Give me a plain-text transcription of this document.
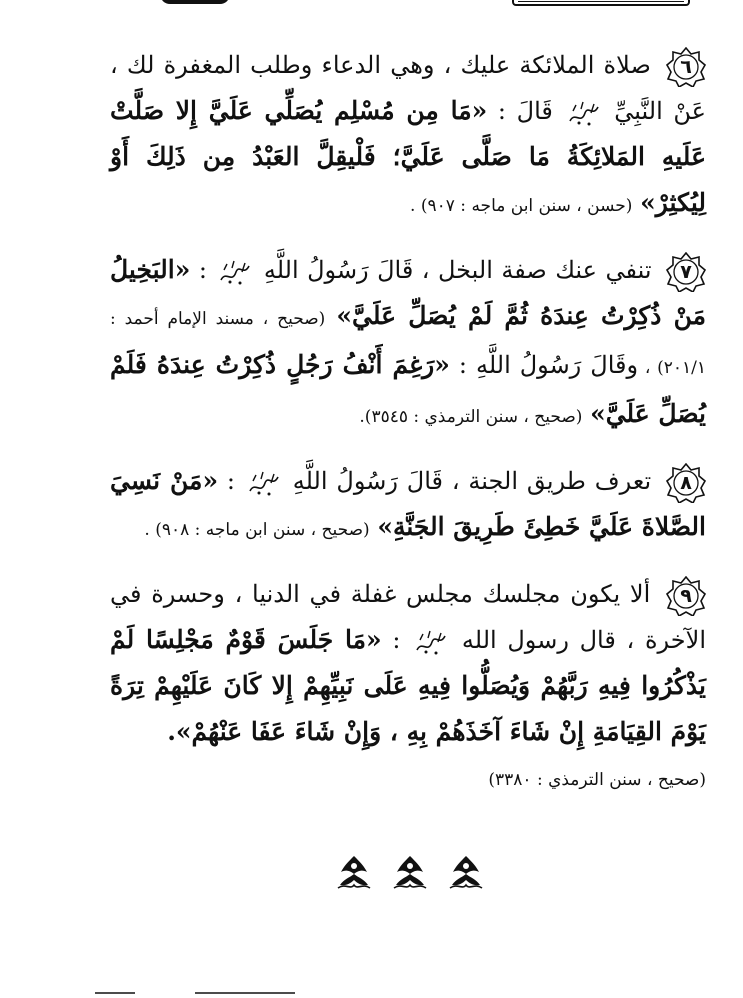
٦
صلاة الملائكة عليك ، وهي الدعاء وطلب المغفرة لك ، عَنْ النَّبِيِّ  قَالَ : «مَا مِن مُسْلِم يُصَلِّي عَلَيَّ إِلا صَلَّتْ عَلَيهِ المَلائِكَةُ مَا صَلَّى عَلَيَّ؛ فَلْيقِلَّ العَبْدُ مِن ذَلِكَ أَوْ لِيُكثِرْ» (حسن ، سنن ابن ماجه : ٩٠٧) .

٧
تنفي عنك صفة البخل ، قَالَ رَسُولُ اللَّهِ  : «البَخِيلُ مَنْ ذُكِرْتُ عِندَهُ ثُمَّ لَمْ يُصَلِّ عَلَيَّ» (صحيح ، مسند الإمام أحمد : ٢٠١/١) ، وقَالَ رَسُولُ اللَّهِ : «رَغِمَ أَنْفُ رَجُلٍ ذُكِرْتُ عِندَهُ فَلَمْ يُصَلِّ عَلَيَّ» (صحيح ، سنن الترمذي : ٣٥٤٥).

٨
تعرف طريق الجنة ، قَالَ رَسُولُ اللَّهِ  : «مَنْ نَسِيَ الصَّلاةَ عَلَيَّ خَطِئَ طَرِيقَ الجَنَّةِ» (صحيح ، سنن ابن ماجه : ٩٠٨) .

٩
ألا يكون مجلسك مجلس غفلة في الدنيا ، وحسرة في الآخرة ، قال رسول الله  : «مَا جَلَسَ قَوْمٌ مَجْلِسًا لَمْ يَذْكُرُوا فِيهِ رَبَّهُمْ وَيُصَلُّوا فِيهِ عَلَى نَبِيِّهِمْ إِلا كَانَ عَلَيْهِمْ تِرَةً يَوْمَ القِيَامَةِ إِنْ شَاءَ آخَذَهُمْ بِهِ ، وَإِنْ شَاءَ عَفَا عَنْهُمْ».

(صحيح ، سنن الترمذي : ٣٣٨٠)
